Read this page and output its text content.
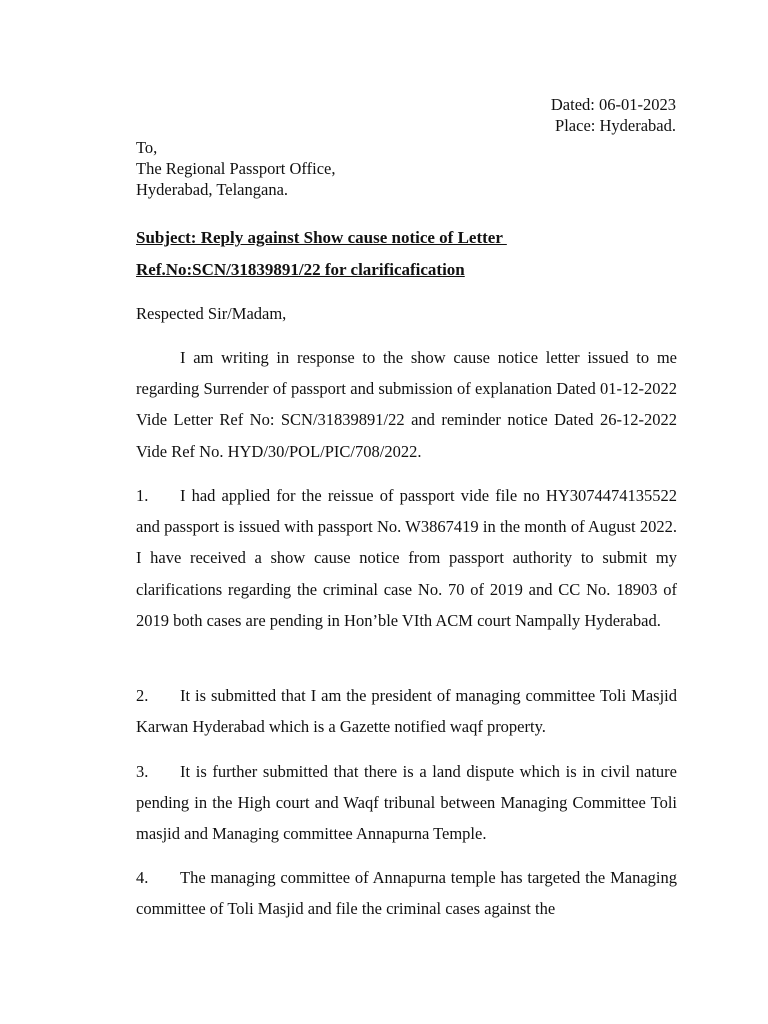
Dated: 06-01-2023
Place: Hyderabad.
To,
The Regional Passport Office,
Hyderabad, Telangana.
Subject: Reply against Show cause notice of Letter
Ref.No:SCN/31839891/22 for clarificafication
Respected Sir/Madam,
I am writing in response to the show cause notice letter issued to me regarding Surrender of passport and submission of explanation Dated 01-12-2022 Vide Letter Ref No: SCN/31839891/22 and reminder notice Dated 26-12-2022 Vide Ref No. HYD/30/POL/PIC/708/2022.
1. I had applied for the reissue of passport vide file no HY3074474135522 and passport is issued with passport No. W3867419 in the month of August 2022. I have received a show cause notice from passport authority to submit my clarifications regarding the criminal case No. 70 of 2019 and CC No. 18903 of 2019 both cases are pending in Hon’ble VIth ACM court Nampally Hyderabad.
2. It is submitted that I am the president of managing committee Toli Masjid Karwan Hyderabad which is a Gazette notified waqf property.
3. It is further submitted that there is a land dispute which is in civil nature pending in the High court and Waqf tribunal between Managing Committee Toli masjid and Managing committee Annapurna Temple.
4. The managing committee of Annapurna temple has targeted the Managing committee of Toli Masjid and file the criminal cases against the
